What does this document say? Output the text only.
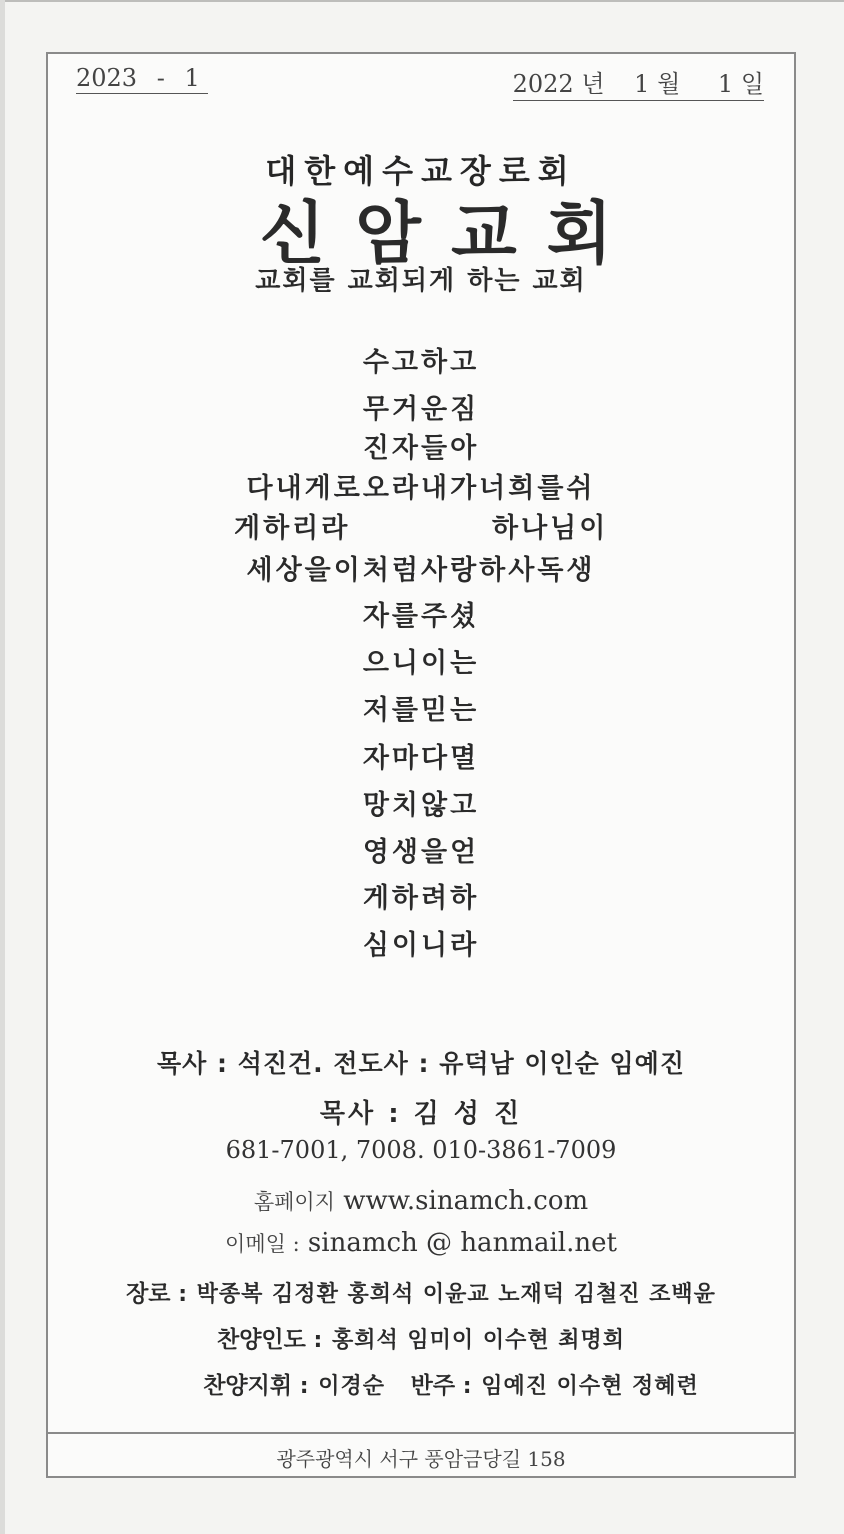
2023 - 1	2022 년 1 월 1 일
대한예수교장로회
신암교회
교회를 교회되게 하는 교회
수고하고
무거운짐
진자들아
다내게로오라내가너희를쉬
게하리라	하나님이
세상을이처럼사랑하사독생
자를주셨
으니이는
저를믿는
자마다멸
망치않고
영생을얻
게하려하
심이니라
목사 : 석진건. 전도사 : 유덕남 이인순 임예진
목사 : 김 성 진
681-7001, 7008. 010-3861-7009
홈페이지 www.sinamch.com
이메일 : sinamch @ hanmail.net
장로 : 박종복 김정환 홍희석 이윤교 노재덕 김철진 조백윤
찬양인도 : 홍희석 임미이 이수현 최명희
찬양지휘 : 이경순 반주 : 임예진 이수현 정혜련
광주광역시 서구 풍암금당길 158
